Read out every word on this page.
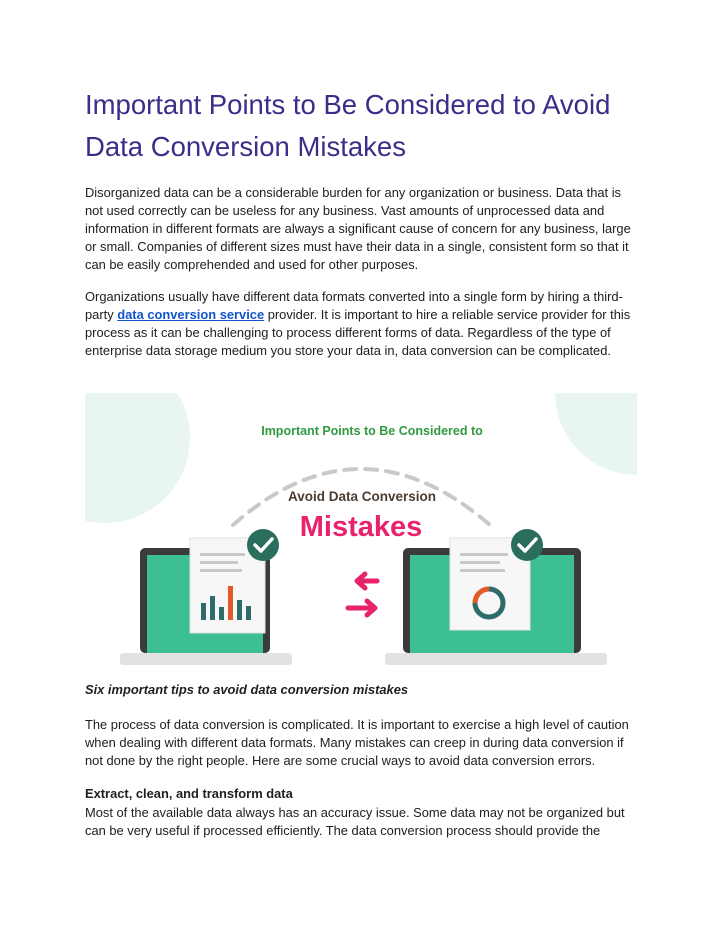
Important Points to Be Considered to Avoid Data Conversion Mistakes

Disorganized data can be a considerable burden for any organization or business. Data that is not used correctly can be useless for any business. Vast amounts of unprocessed data and information in different formats are always a significant cause of concern for any business, large or small. Companies of different sizes must have their data in a single, consistent form so that it can be easily comprehended and used for other purposes.

Organizations usually have different data formats converted into a single form by hiring a third-party data conversion service provider. It is important to hire a reliable service provider for this process as it can be challenging to process different forms of data. Regardless of the type of enterprise data storage medium you store your data in, data conversion can be complicated.

Six important tips to avoid data conversion mistakes

The process of data conversion is complicated. It is important to exercise a high level of caution when dealing with different data formats. Many mistakes can creep in during data conversion if not done by the right people. Here are some crucial ways to avoid data conversion errors.

Extract, clean, and transform data

Most of the available data always has an accuracy issue. Some data may not be organized but can be very useful if processed efficiently. The data conversion process should provide the

Important Points to Be Considered to
Avoid Data Conversion
Mistakes
